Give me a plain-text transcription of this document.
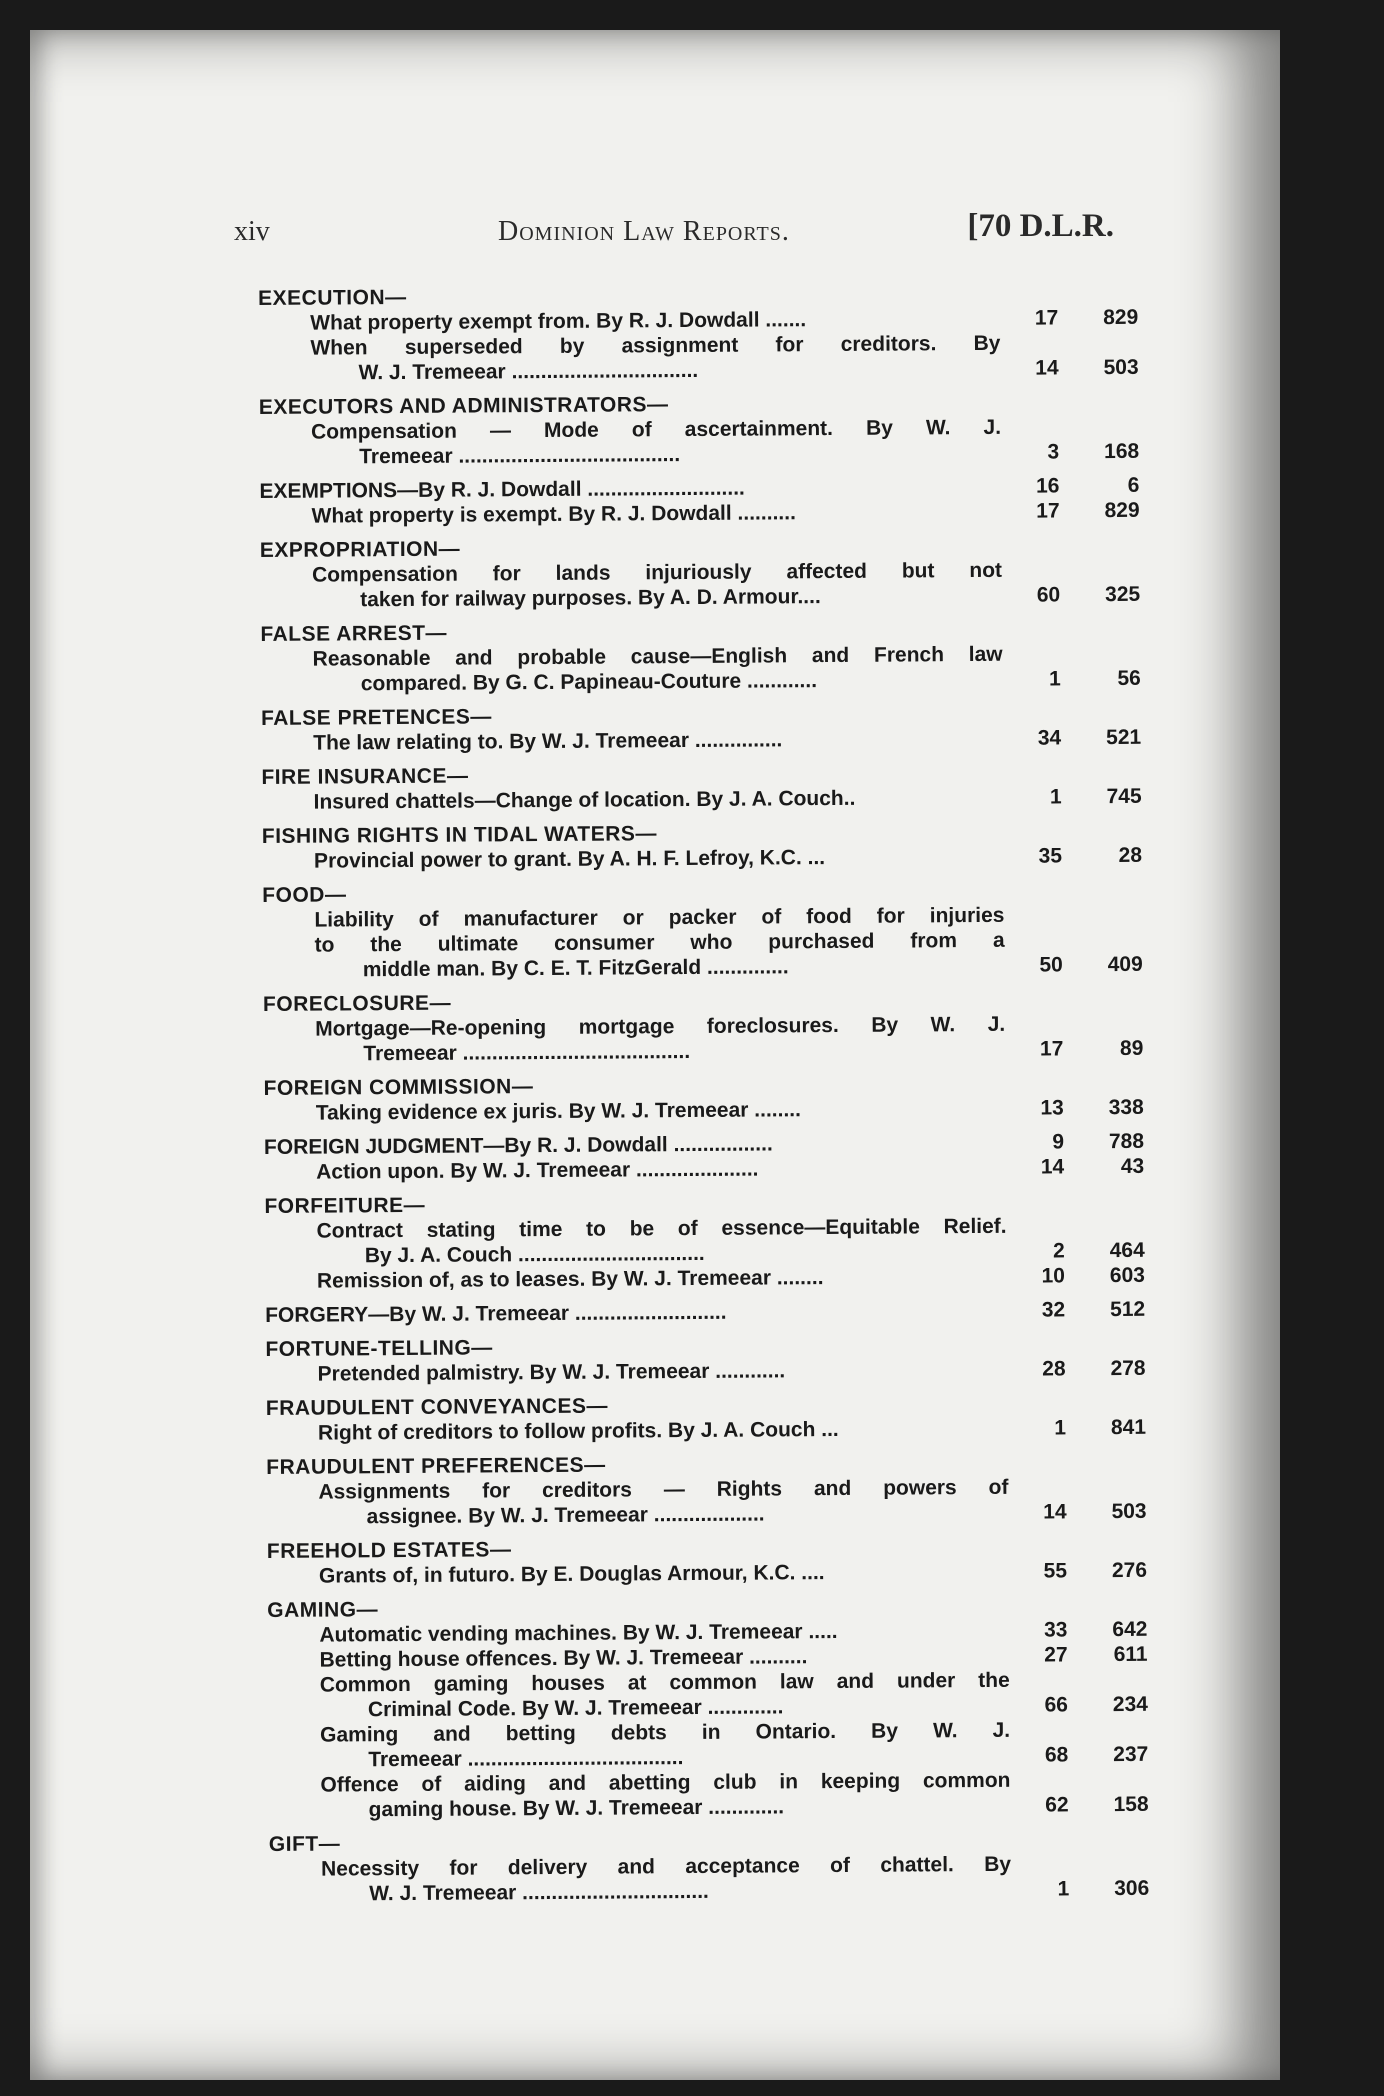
xiv	Dominion Law Reports.	[70 D.L.R.
EXECUTION—
What property exempt from. By R. J. Dowdall .......	17	829
When superseded by assignment for creditors. By
W. J. Tremeear ................................	14	503
EXECUTORS AND ADMINISTRATORS—
Compensation — Mode of ascertainment. By W. J.
Tremeear ......................................	3	168
EXEMPTIONS—By R. J. Dowdall ...........................	16	6
What property is exempt. By R. J. Dowdall ..........	17	829
EXPROPRIATION—
Compensation for lands injuriously affected but not
taken for railway purposes. By A. D. Armour....	60	325
FALSE ARREST—
Reasonable and probable cause—English and French law
compared. By G. C. Papineau-Couture ............	1	56
FALSE PRETENCES—
The law relating to. By W. J. Tremeear ...............	34	521
FIRE INSURANCE—
Insured chattels—Change of location. By J. A. Couch..	1	745
FISHING RIGHTS IN TIDAL WATERS—
Provincial power to grant. By A. H. F. Lefroy, K.C. ...	35	28
FOOD—
Liability of manufacturer or packer of food for injuries
to the ultimate consumer who purchased from a
middle man. By C. E. T. FitzGerald ..............	50	409
FORECLOSURE—
Mortgage—Re-opening mortgage foreclosures. By W. J.
Tremeear .......................................	17	89
FOREIGN COMMISSION—
Taking evidence ex juris. By W. J. Tremeear ........	13	338
FOREIGN JUDGMENT—By R. J. Dowdall .................	9	788
Action upon. By W. J. Tremeear .....................	14	43
FORFEITURE—
Contract stating time to be of essence—Equitable Relief.
By J. A. Couch ................................	2	464
Remission of, as to leases. By W. J. Tremeear ........	10	603
FORGERY—By W. J. Tremeear ..........................	32	512
FORTUNE-TELLING—
Pretended palmistry. By W. J. Tremeear ............	28	278
FRAUDULENT CONVEYANCES—
Right of creditors to follow profits. By J. A. Couch ...	1	841
FRAUDULENT PREFERENCES—
Assignments for creditors — Rights and powers of
assignee. By W. J. Tremeear ...................	14	503
FREEHOLD ESTATES—
Grants of, in futuro. By E. Douglas Armour, K.C. ....	55	276
GAMING—
Automatic vending machines. By W. J. Tremeear .....	33	642
Betting house offences. By W. J. Tremeear ..........	27	611
Common gaming houses at common law and under the
Criminal Code. By W. J. Tremeear .............	66	234
Gaming and betting debts in Ontario. By W. J.
Tremeear .....................................	68	237
Offence of aiding and abetting club in keeping common
gaming house. By W. J. Tremeear .............	62	158
GIFT—
Necessity for delivery and acceptance of chattel. By
W. J. Tremeear ................................	1	306
